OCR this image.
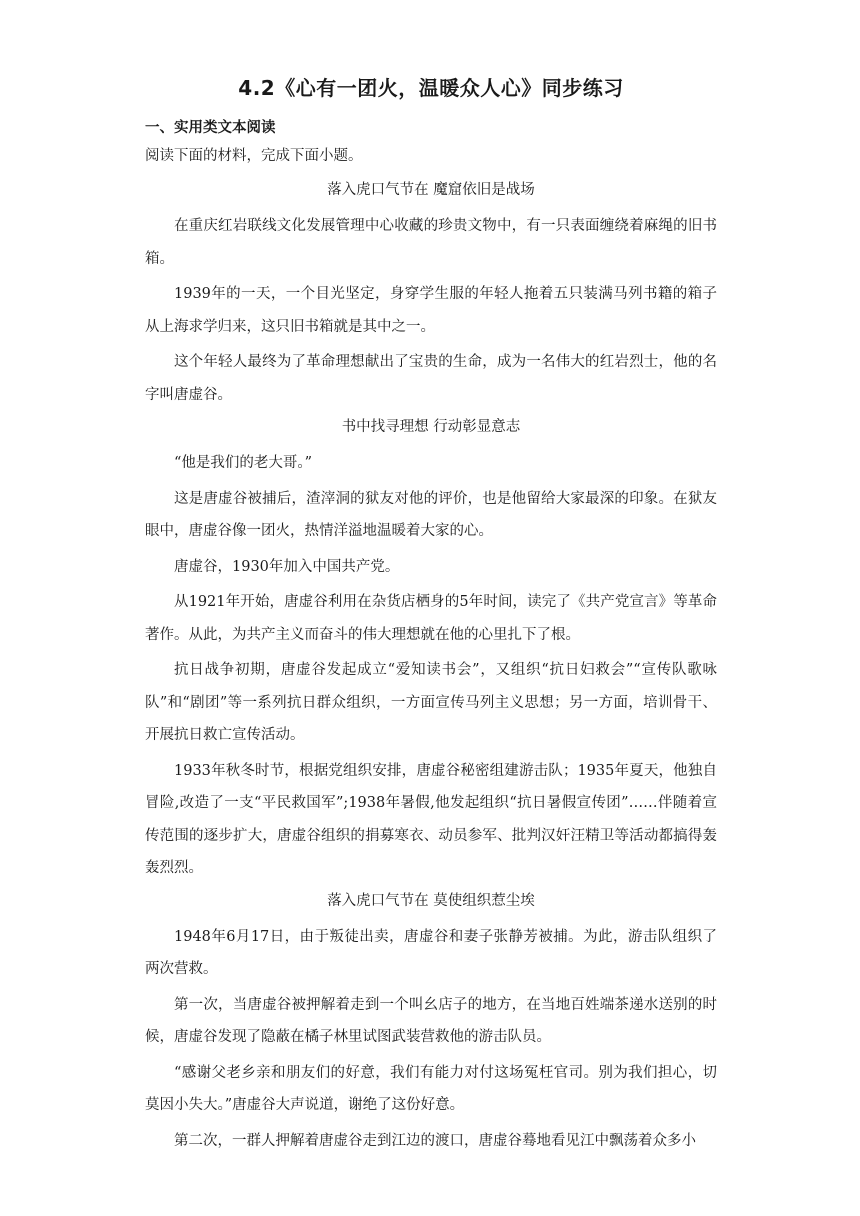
4.2《心有一团火，温暖众人心》同步练习

一、实用类文本阅读

阅读下面的材料，完成下面小题。

落入虎口气节在 魔窟依旧是战场

在重庆红岩联线文化发展管理中心收藏的珍贵文物中，有一只表面缠绕着麻绳的旧书箱。

1939年的一天，一个目光坚定，身穿学生服的年轻人拖着五只装满马列书籍的箱子从上海求学归来，这只旧书箱就是其中之一。

这个年轻人最终为了革命理想献出了宝贵的生命，成为一名伟大的红岩烈士，他的名字叫唐虚谷。

书中找寻理想 行动彰显意志

“他是我们的老大哥。”

这是唐虚谷被捕后，渣滓洞的狱友对他的评价，也是他留给大家最深的印象。在狱友眼中，唐虚谷像一团火，热情洋溢地温暖着大家的心。

唐虚谷，1930年加入中国共产党。

从1921年开始，唐虚谷利用在杂货店栖身的5年时间，读完了《共产党宣言》等革命著作。从此，为共产主义而奋斗的伟大理想就在他的心里扎下了根。

抗日战争初期，唐虚谷发起成立“爱知读书会”，又组织“抗日妇救会”“宣传队歌咏队”和“剧团”等一系列抗日群众组织，一方面宣传马列主义思想；另一方面，培训骨干、开展抗日救亡宣传活动。

1933年秋冬时节，根据党组织安排，唐虚谷秘密组建游击队；1935年夏天，他独自冒险,改造了一支“平民救国军”;1938年暑假,他发起组织“抗日暑假宣传团”……伴随着宣传范围的逐步扩大，唐虚谷组织的捐募寒衣、动员参军、批判汉奸汪精卫等活动都搞得轰轰烈烈。

落入虎口气节在 莫使组织惹尘埃

1948年6月17日，由于叛徒出卖，唐虚谷和妻子张静芳被捕。为此，游击队组织了两次营救。

第一次，当唐虚谷被押解着走到一个叫幺店子的地方，在当地百姓端茶递水送别的时候，唐虚谷发现了隐蔽在橘子林里试图武装营救他的游击队员。

“感谢父老乡亲和朋友们的好意，我们有能力对付这场冤枉官司。别为我们担心，切莫因小失大。”唐虚谷大声说道，谢绝了这份好意。

第二次，一群人押解着唐虚谷走到江边的渡口，唐虚谷蓦地看见江中飘荡着众多小
